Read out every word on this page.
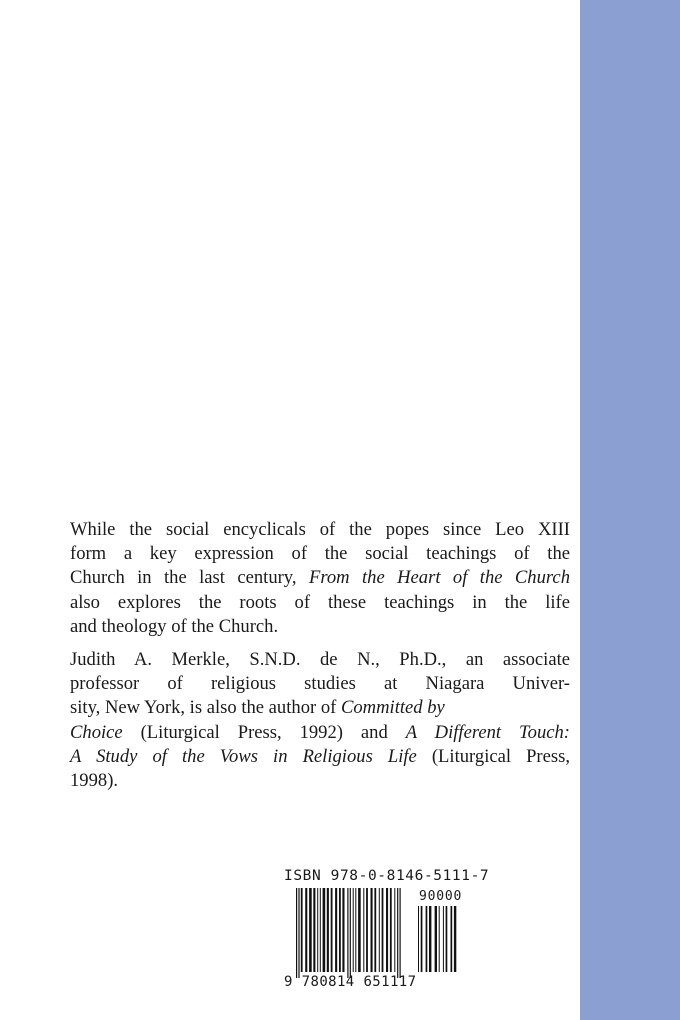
While the social encyclicals of the popes since Leo XIII
form a key expression of the social teachings of the
Church in the last century, From the Heart of the Church
also explores the roots of these teachings in the life
and theology of the Church.

Judith A. Merkle, S.N.D. de N., Ph.D., an associate
professor of religious studies at Niagara Univer-
sity, New York, is also the author of Committed by
Choice (Liturgical Press, 1992) and A Different Touch:
A Study of the Vows in Religious Life (Liturgical Press,
1998).

ISBN 978-0-8146-5111-7
90000
9 780814 651117
